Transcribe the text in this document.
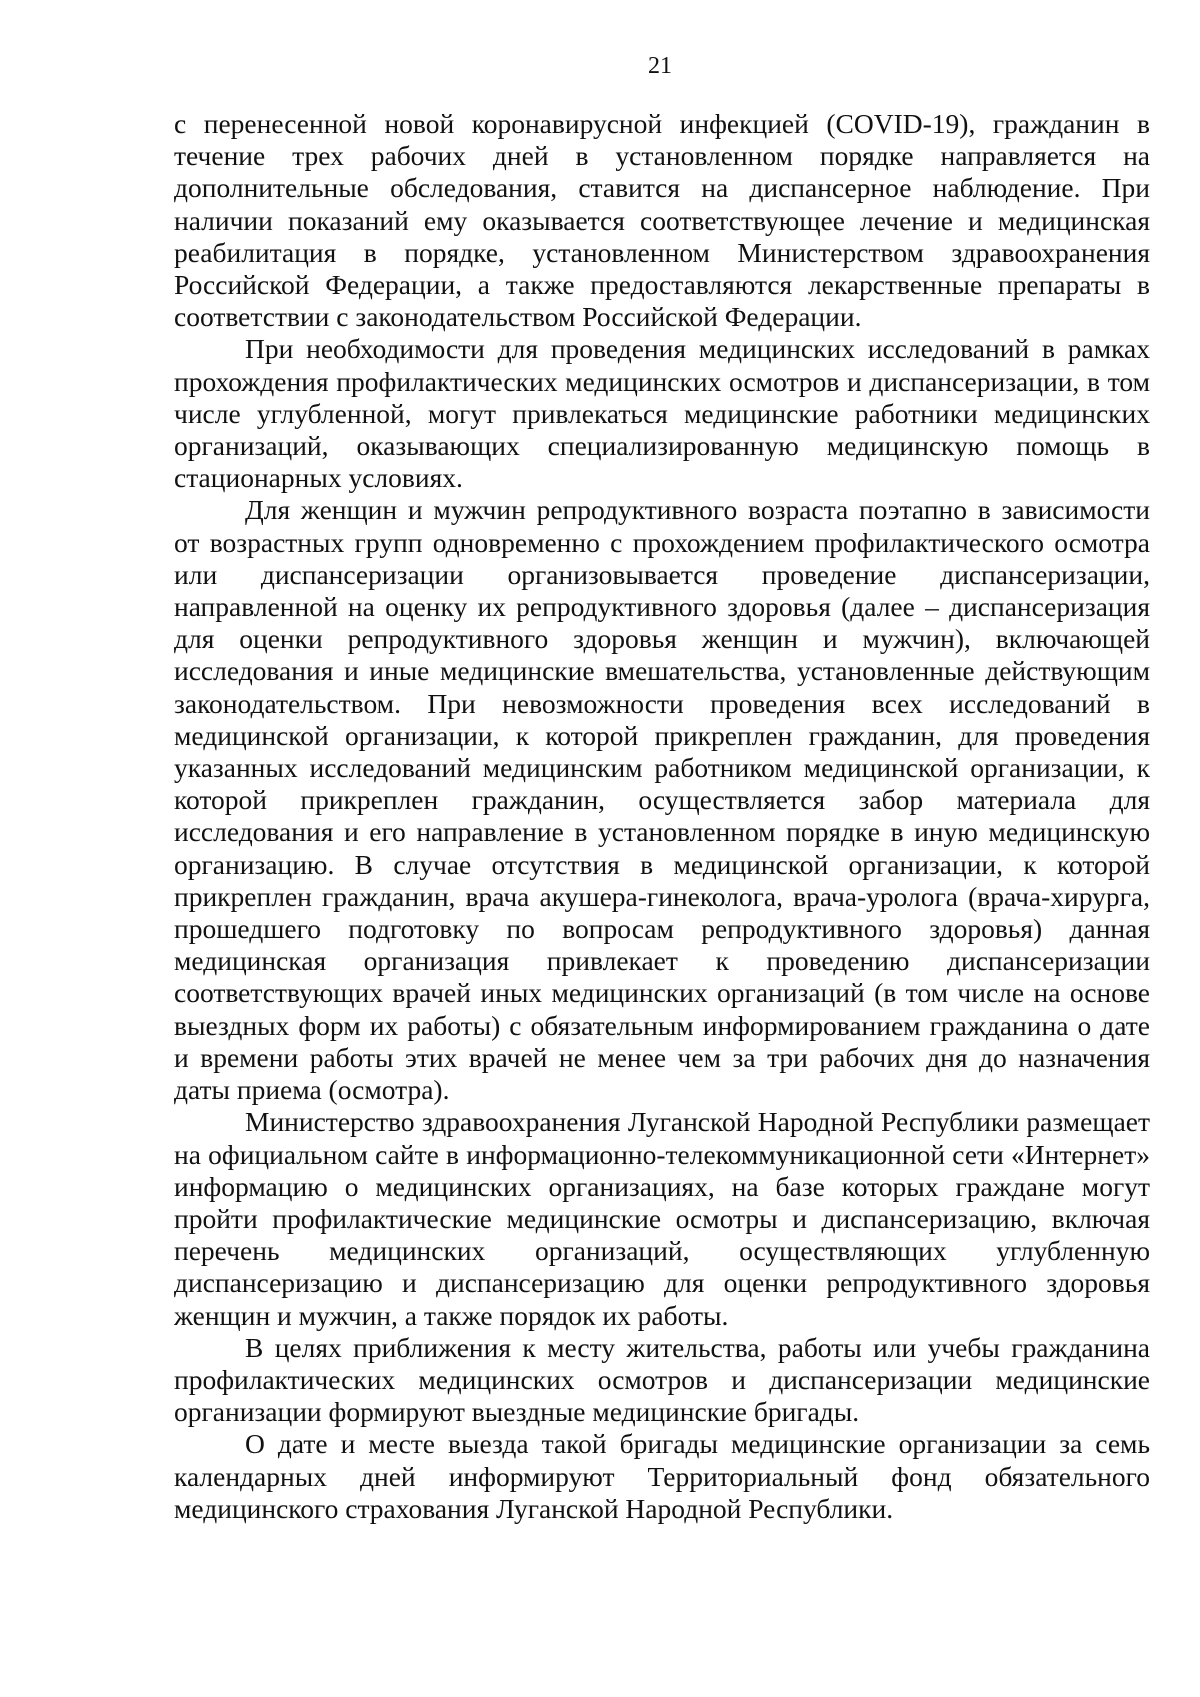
21

с перенесенной новой коронавирусной инфекцией (COVID-19), гражданин в течение трех рабочих дней в установленном порядке направляется на дополнительные обследования, ставится на диспансерное наблюдение. При наличии показаний ему оказывается соответствующее лечение и медицинская реабилитация в порядке, установленном Министерством здравоохранения Российской Федерации, а также предоставляются лекарственные препараты в соответствии с законодательством Российской Федерации.

При необходимости для проведения медицинских исследований в рамках прохождения профилактических медицинских осмотров и диспансеризации, в том числе углубленной, могут привлекаться медицинские работники медицинских организаций, оказывающих специализированную медицинскую помощь в стационарных условиях.

Для женщин и мужчин репродуктивного возраста поэтапно в зависимости от возрастных групп одновременно с прохождением профилактического осмотра или диспансеризации организовывается проведение диспансеризации, направленной на оценку их репродуктивного здоровья (далее – диспансеризация для оценки репродуктивного здоровья женщин и мужчин), включающей исследования и иные медицинские вмешательства, установленные действующим законодательством. При невозможности проведения всех исследований в медицинской организации, к которой прикреплен гражданин, для проведения указанных исследований медицинским работником медицинской организации, к которой прикреплен гражданин, осуществляется забор материала для исследования и его направление в установленном порядке в иную медицинскую организацию. В случае отсутствия в медицинской организации, к которой прикреплен гражданин, врача акушера-гинеколога, врача-уролога (врача-хирурга, прошедшего подготовку по вопросам репродуктивного здоровья) данная медицинская организация привлекает к проведению диспансеризации соответствующих врачей иных медицинских организаций (в том числе на основе выездных форм их работы) с обязательным информированием гражданина о дате и времени работы этих врачей не менее чем за три рабочих дня до назначения даты приема (осмотра).

Министерство здравоохранения Луганской Народной Республики размещает на официальном сайте в информационно-телекоммуникационной сети «Интернет» информацию о медицинских организациях, на базе которых граждане могут пройти профилактические медицинские осмотры и диспансеризацию, включая перечень медицинских организаций, осуществляющих углубленную диспансеризацию и диспансеризацию для оценки репродуктивного здоровья женщин и мужчин, а также порядок их работы.

В целях приближения к месту жительства, работы или учебы гражданина профилактических медицинских осмотров и диспансеризации медицинские организации формируют выездные медицинские бригады.

О дате и месте выезда такой бригады медицинские организации за семь календарных дней информируют Территориальный фонд обязательного медицинского страхования Луганской Народной Республики.
